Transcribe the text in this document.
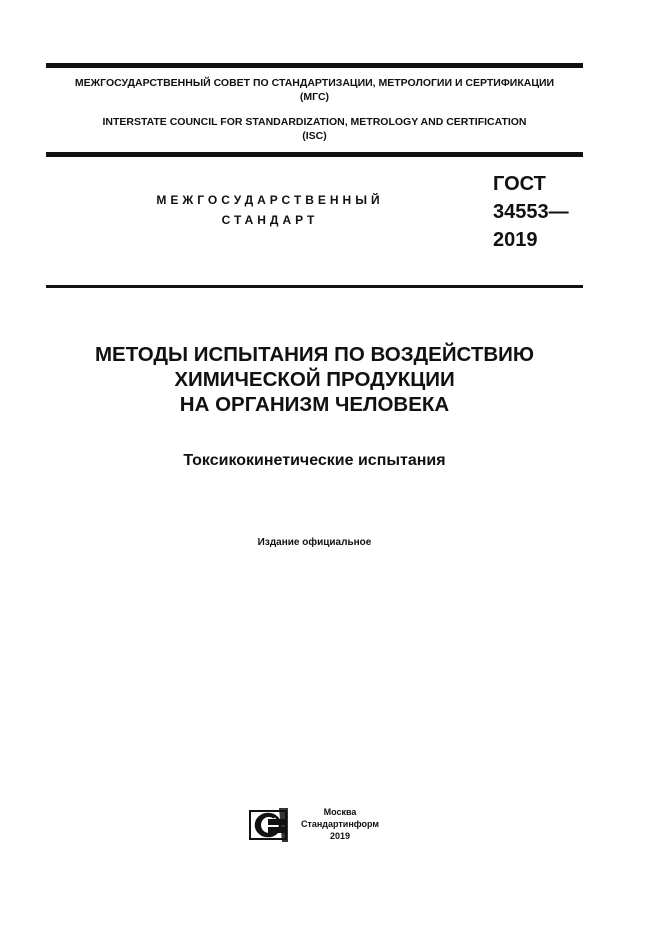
МЕЖГОСУДАРСТВЕННЫЙ СОВЕТ ПО СТАНДАРТИЗАЦИИ, МЕТРОЛОГИИ И СЕРТИФИКАЦИИ
(МГС)
INTERSTATE COUNCIL FOR STANDARDIZATION, METROLOGY AND CERTIFICATION
(ISC)
МЕЖГОСУДАРСТВЕННЫЙ
СТАНДАРТ
ГОСТ
34553—
2019
МЕТОДЫ ИСПЫТАНИЯ ПО ВОЗДЕЙСТВИЮ
ХИМИЧЕСКОЙ ПРОДУКЦИИ
НА ОРГАНИЗМ ЧЕЛОВЕКА
Токсикокинетические испытания
Издание официальное
Москва
Стандартинформ
2019
